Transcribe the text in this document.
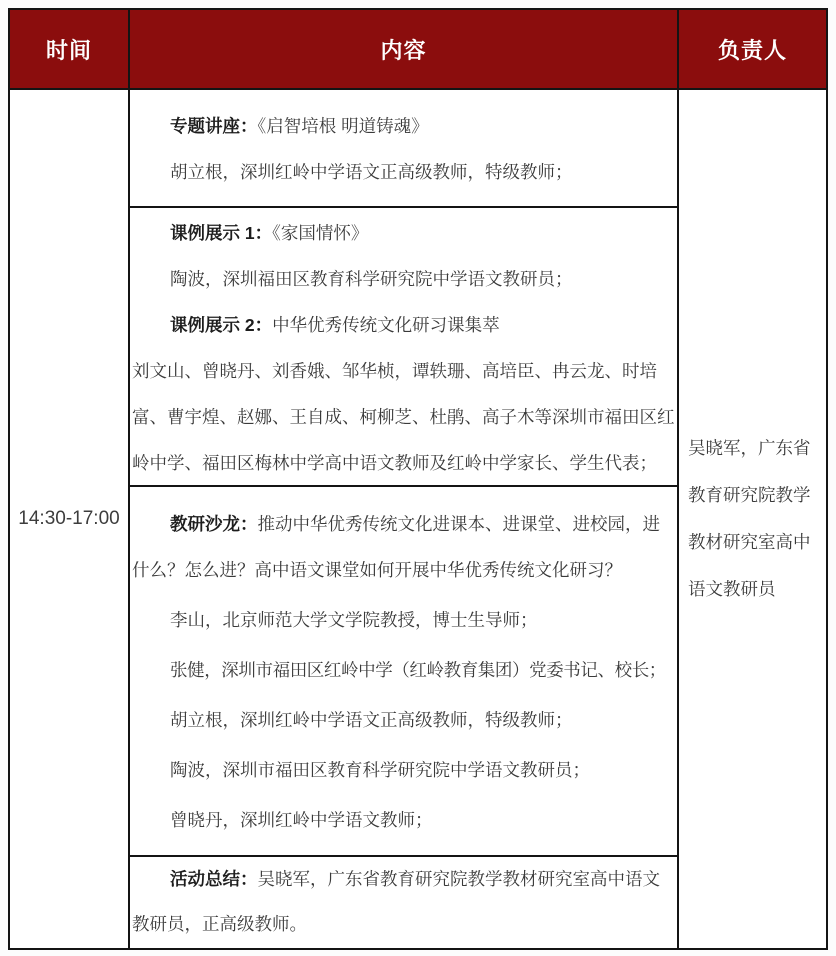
时间	内容	负责人
14:30-17:00

专题讲座：《启智培根 明道铸魂》

胡立根，深圳红岭中学语文正高级教师，特级教师；

课例展示 1：《家国情怀》

陶波，深圳福田区教育科学研究院中学语文教研员；

课例展示 2：中华优秀传统文化研习课集萃

刘文山、曾晓丹、刘香娥、邹华桢，谭轶珊、高培臣、冉云龙、时培富、曹宇煌、赵娜、王自成、柯柳芝、杜鹃、高子木等深圳市福田区红岭中学、福田区梅林中学高中语文教师及红岭中学家长、学生代表；

教研沙龙：推动中华优秀传统文化进课本、进课堂、进校园，进什么？怎么进？高中语文课堂如何开展中华优秀传统文化研习？

李山，北京师范大学文学院教授，博士生导师；

张健，深圳市福田区红岭中学（红岭教育集团）党委书记、校长；

胡立根，深圳红岭中学语文正高级教师，特级教师；

陶波，深圳市福田区教育科学研究院中学语文教研员；

曾晓丹，深圳红岭中学语文教师；

活动总结：吴晓军，广东省教育研究院教学教材研究室高中语文教研员，正高级教师。

吴晓军，广东省教育研究院教学教材研究室高中语文教研员
